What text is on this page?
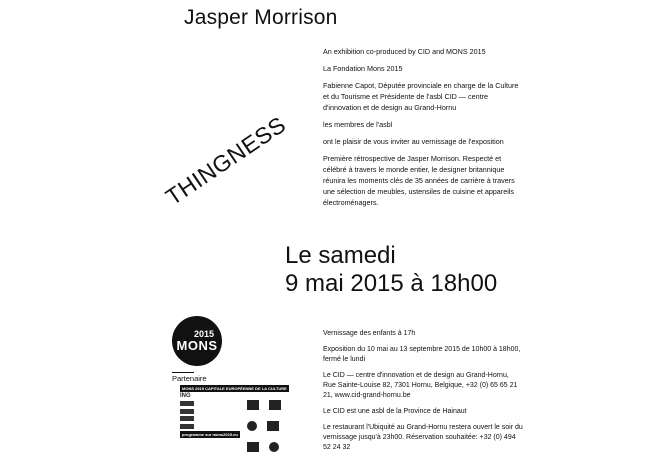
Jasper Morrison

An exhibition co-produced by CID and MONS 2015

La Fondation Mons 2015

Fabienne Capot, Députée provinciale en charge de la Culture et du Tourisme et Présidente de l'asbl CID — centre d'innovation et de design au Grand-Hornu

les membres de l'asbl

ont le plaisir de vous inviter au vernissage de l'exposition

Première rétrospective de Jasper Morrison. Respecté et célébré à travers le monde entier, le designer britannique réunira les moments clés de 35 années de carrière à travers une sélection de meubles, ustensiles de cuisine et appareils électroménagers.

THINGNESS
Le samedi
9 mai 2015 à 18h00

Vernissage des enfants à 17h

Exposition du 10 mai au 13 septembre 2015 de 10h00 à 18h00, fermé le lundi

Le CID — centre d'innovation et de design au Grand-Hornu, Rue Sainte-Louise 82, 7301 Hornu, Belgique, +32 (0) 65 65 21 21, www.cid-grand-hornu.be

Le CID est une asbl de la Province de Hainaut

Le restaurant l'Ubiquité au Grand-Hornu restera ouvert le soir du vernissage jusqu'à 23h00. Réservation souhaitée: +32 (0) 494 52 24 32

2015
MONS
Partenaire
MONS 2015 CAPITALE EUROPÉENNE DE LA CULTURE
ING
programme sur mons2015.eu
